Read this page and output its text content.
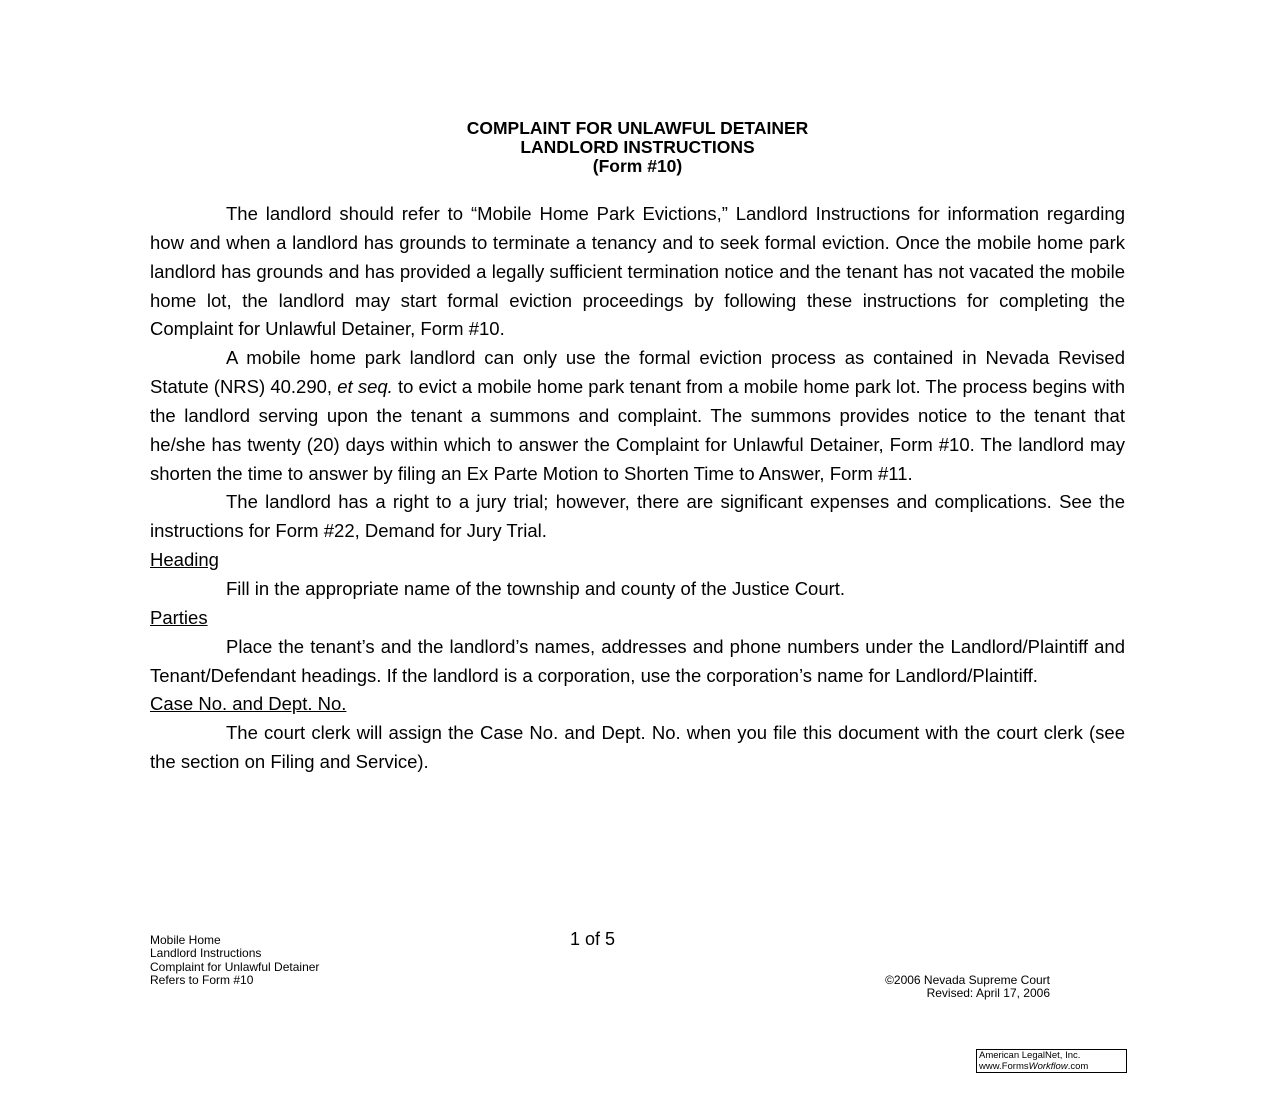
COMPLAINT FOR UNLAWFUL DETAINER
LANDLORD INSTRUCTIONS
(Form #10)

The landlord should refer to “Mobile Home Park Evictions,” Landlord Instructions for information regarding how and when a landlord has grounds to terminate a tenancy and to seek formal eviction. Once the mobile home park landlord has grounds and has provided a legally sufficient termination notice and the tenant has not vacated the mobile home lot, the landlord may start formal eviction proceedings by following these instructions for completing the Complaint for Unlawful Detainer, Form #10.

A mobile home park landlord can only use the formal eviction process as contained in Nevada Revised Statute (NRS) 40.290, et seq. to evict a mobile home park tenant from a mobile home park lot. The process begins with the landlord serving upon the tenant a summons and complaint. The summons provides notice to the tenant that he/she has twenty (20) days within which to answer the Complaint for Unlawful Detainer, Form #10. The landlord may shorten the time to answer by filing an Ex Parte Motion to Shorten Time to Answer, Form #11.

The landlord has a right to a jury trial; however, there are significant expenses and complications. See the instructions for Form #22, Demand for Jury Trial.

Heading

Fill in the appropriate name of the township and county of the Justice Court.

Parties

Place the tenant’s and the landlord’s names, addresses and phone numbers under the Landlord/Plaintiff and Tenant/Defendant headings. If the landlord is a corporation, use the corporation’s name for Landlord/Plaintiff.

Case No. and Dept. No.

The court clerk will assign the Case No. and Dept. No. when you file this document with the court clerk (see the section on Filing and Service).

Mobile Home
Landlord Instructions
Complaint for Unlawful Detainer
Refers to Form #10
1 of 5
©2006 Nevada Supreme Court
Revised: April 17, 2006
American LegalNet, Inc.
www.FormsWorkflow.com
